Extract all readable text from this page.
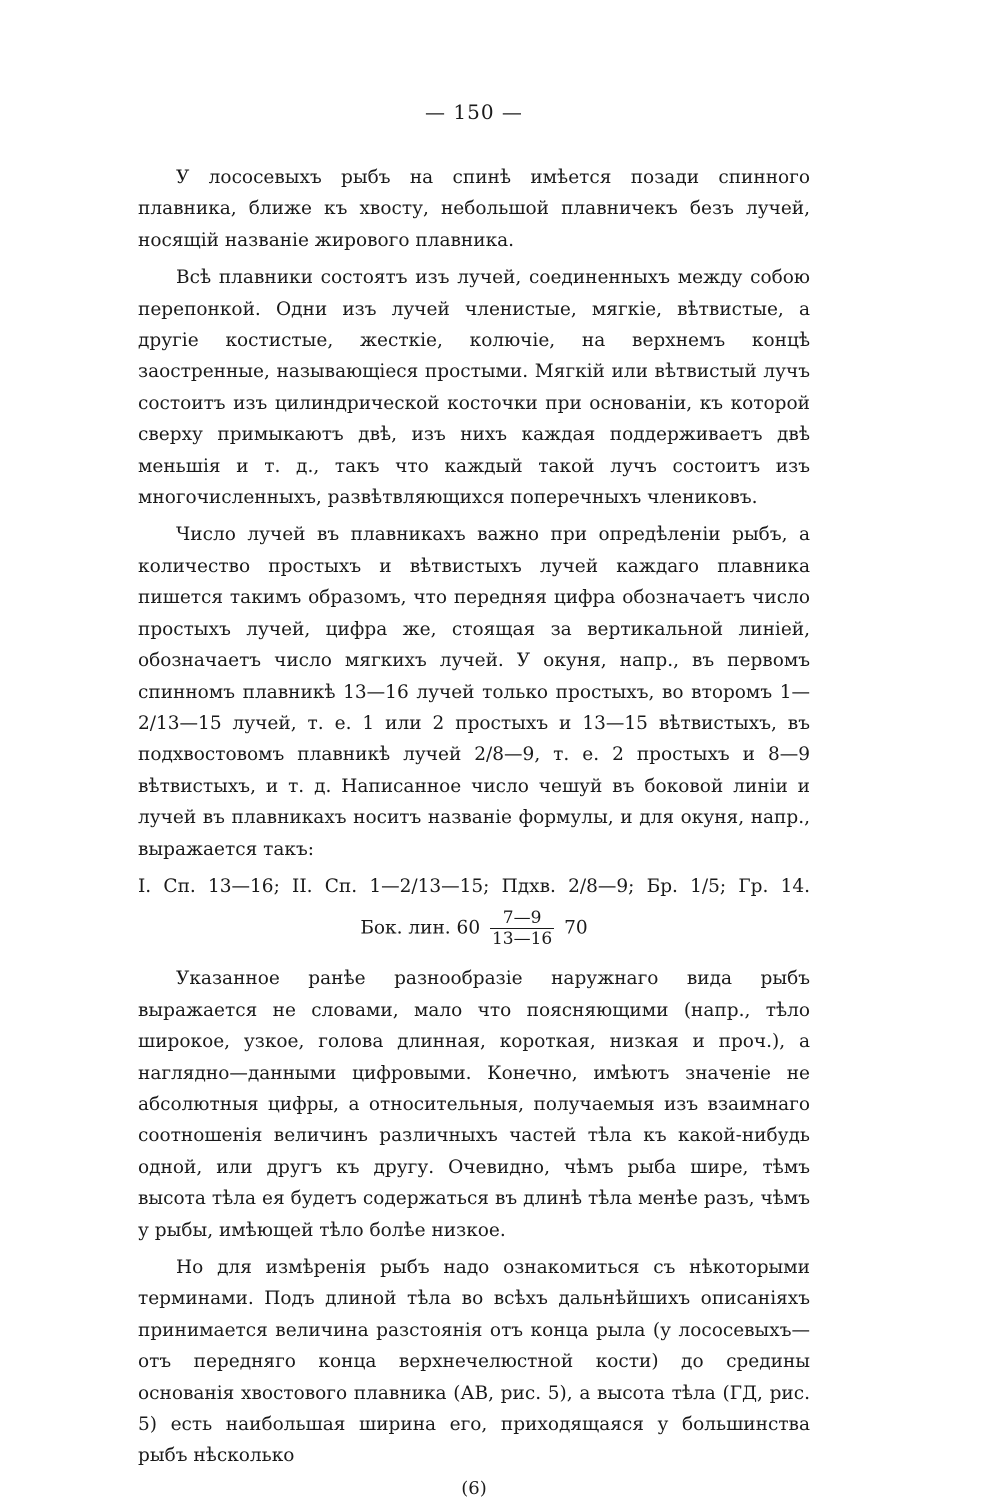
— 150 —

У лососевыхъ рыбъ на спинѣ имѣется позади спинного плавника, ближе къ хвосту, небольшой плавничекъ безъ лучей, носящій названіе жирового плавника.

Всѣ плавники состоятъ изъ лучей, соединенныхъ между собою перепонкой. Одни изъ лучей членистые, мягкіе, вѣтвистые, а другіе костистые, жесткіе, колючіе, на верхнемъ концѣ заостренные, называющіеся простыми. Мягкій или вѣтвистый лучъ состоитъ изъ цилиндрической косточки при основаніи, къ которой сверху примыкаютъ двѣ, изъ нихъ каждая поддерживаетъ двѣ меньшія и т. д., такъ что каждый такой лучъ состоитъ изъ многочисленныхъ, развѣтвляющихся поперечныхъ члениковъ.

Число лучей въ плавникахъ важно при опредѣленіи рыбъ, а количество простыхъ и вѣтвистыхъ лучей каждаго плавника пишется такимъ образомъ, что передняя цифра обозначаетъ число простыхъ лучей, цифра же, стоящая за вертикальной линіей, обозначаетъ число мягкихъ лучей. У окуня, напр., въ первомъ спинномъ плавникѣ 13—16 лучей только простыхъ, во второмъ 1—2/13—15 лучей, т. е. 1 или 2 простыхъ и 13—15 вѣтвистыхъ, въ подхвостовомъ плавникѣ лучей 2/8—9, т. е. 2 простыхъ и 8—9 вѣтвистыхъ, и т. д. Написанное число чешуй въ боковой линіи и лучей въ плавникахъ носитъ названіе формулы, и для окуня, напр., выражается такъ:

I. Сп. 13—16; II. Сп. 1—2/13—15; Пдхв. 2/8—9; Бр. 1/5; Гр. 14.
Бок. лин. $60 \frac{7—9}{13—16} 70$

Указанное ранѣе разнообразіе наружнаго вида рыбъ выражается не словами, мало что поясняющими (напр., тѣло широкое, узкое, голова длинная, короткая, низкая и проч.), а наглядно—данными цифровыми. Конечно, имѣютъ значеніе не абсолютныя цифры, а относительныя, получаемыя изъ взаимнаго соотношенія величинъ различныхъ частей тѣла къ какой-нибудь одной, или другъ къ другу. Очевидно, чѣмъ рыба шире, тѣмъ высота тѣла ея будетъ содержаться въ длинѣ тѣла менѣе разъ, чѣмъ у рыбы, имѣющей тѣло болѣе низкое.

Но для измѣренія рыбъ надо ознакомиться съ нѣкоторыми терминами. Подъ длиной тѣла во всѣхъ дальнѣйшихъ описаніяхъ принимается величина разстоянія отъ конца рыла (у лососевыхъ—отъ передняго конца верхнечелюстной кости) до средины основанія хвостового плавника (АВ, рис. 5), а высота тѣла (ГД, рис. 5) есть наибольшая ширина его, приходящаяся у большинства рыбъ нѣсколько

(6)
